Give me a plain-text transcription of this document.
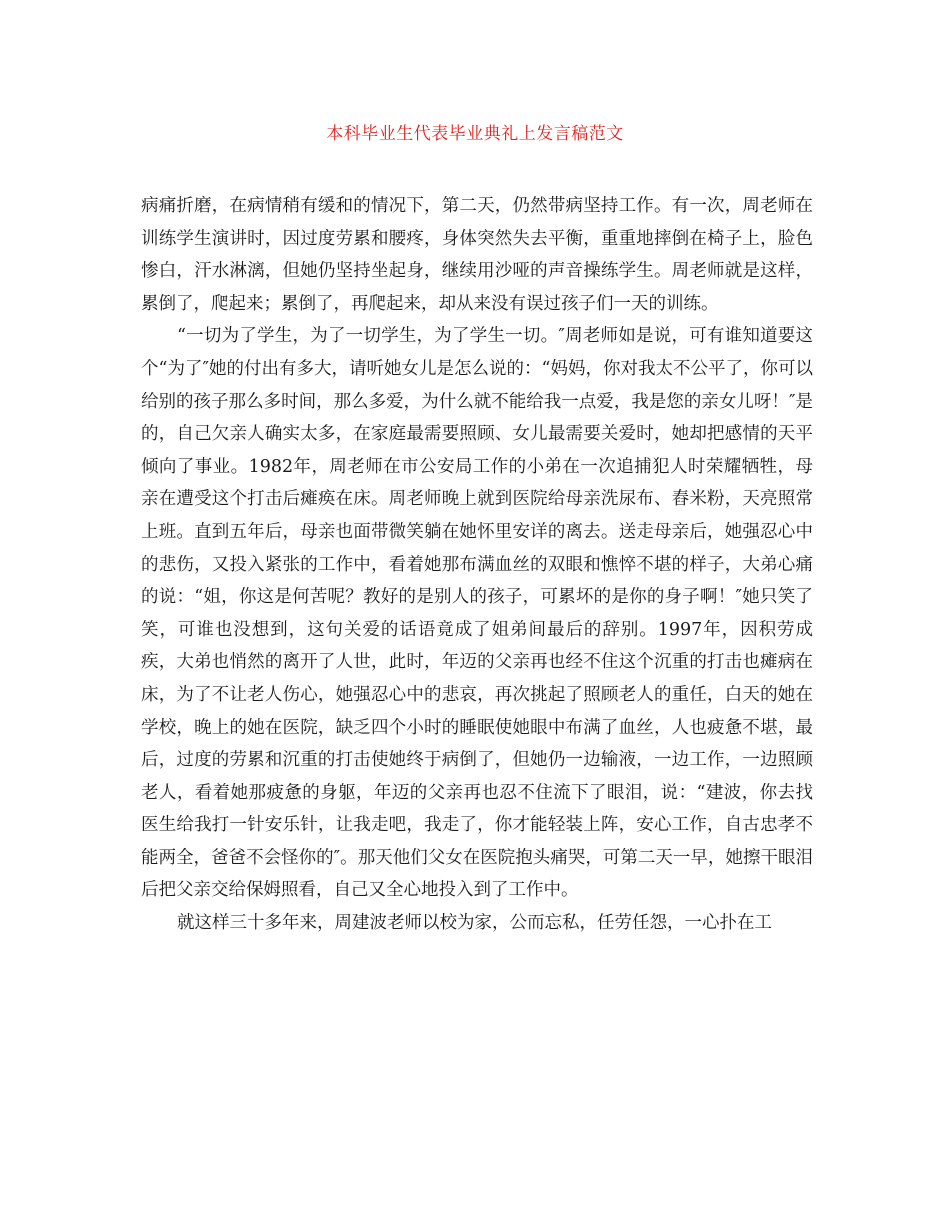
本科毕业生代表毕业典礼上发言稿范文

病痛折磨，在病情稍有缓和的情况下，第二天，仍然带病坚持工作。有一次，周老师在训练学生演讲时，因过度劳累和腰疼，身体突然失去平衡，重重地摔倒在椅子上，脸色惨白，汗水淋漓，但她仍坚持坐起身，继续用沙哑的声音操练学生。周老师就是这样，累倒了，爬起来；累倒了，再爬起来，却从来没有误过孩子们一天的训练。

“一切为了学生，为了一切学生，为了学生一切。″周老师如是说，可有谁知道要这个“为了″她的付出有多大，请听她女儿是怎么说的：“妈妈，你对我太不公平了，你可以给别的孩子那么多时间，那么多爱，为什么就不能给我一点爱，我是您的亲女儿呀！″是的，自己欠亲人确实太多，在家庭最需要照顾、女儿最需要关爱时，她却把感情的天平倾向了事业。1982年，周老师在市公安局工作的小弟在一次追捕犯人时荣耀牺牲，母亲在遭受这个打击后瘫痪在床。周老师晚上就到医院给母亲洗尿布、舂米粉，天亮照常上班。直到五年后，母亲也面带微笑躺在她怀里安详的离去。送走母亲后，她强忍心中的悲伤，又投入紧张的工作中，看着她那布满血丝的双眼和憔悴不堪的样子，大弟心痛的说：“姐，你这是何苦呢？教好的是别人的孩子，可累坏的是你的身子啊！″她只笑了笑，可谁也没想到，这句关爱的话语竟成了姐弟间最后的辞别。1997年，因积劳成疾，大弟也悄然的离开了人世，此时，年迈的父亲再也经不住这个沉重的打击也瘫病在床，为了不让老人伤心，她强忍心中的悲哀，再次挑起了照顾老人的重任，白天的她在学校，晚上的她在医院，缺乏四个小时的睡眠使她眼中布满了血丝，人也疲惫不堪，最后，过度的劳累和沉重的打击使她终于病倒了，但她仍一边输液，一边工作，一边照顾老人，看着她那疲惫的身躯，年迈的父亲再也忍不住流下了眼泪，说：“建波，你去找医生给我打一针安乐针，让我走吧，我走了，你才能轻装上阵，安心工作，自古忠孝不能两全，爸爸不会怪你的″。那天他们父女在医院抱头痛哭，可第二天一早，她擦干眼泪后把父亲交给保姆照看，自己又全心地投入到了工作中。

就这样三十多年来，周建波老师以校为家，公而忘私，任劳任怨，一心扑在工
